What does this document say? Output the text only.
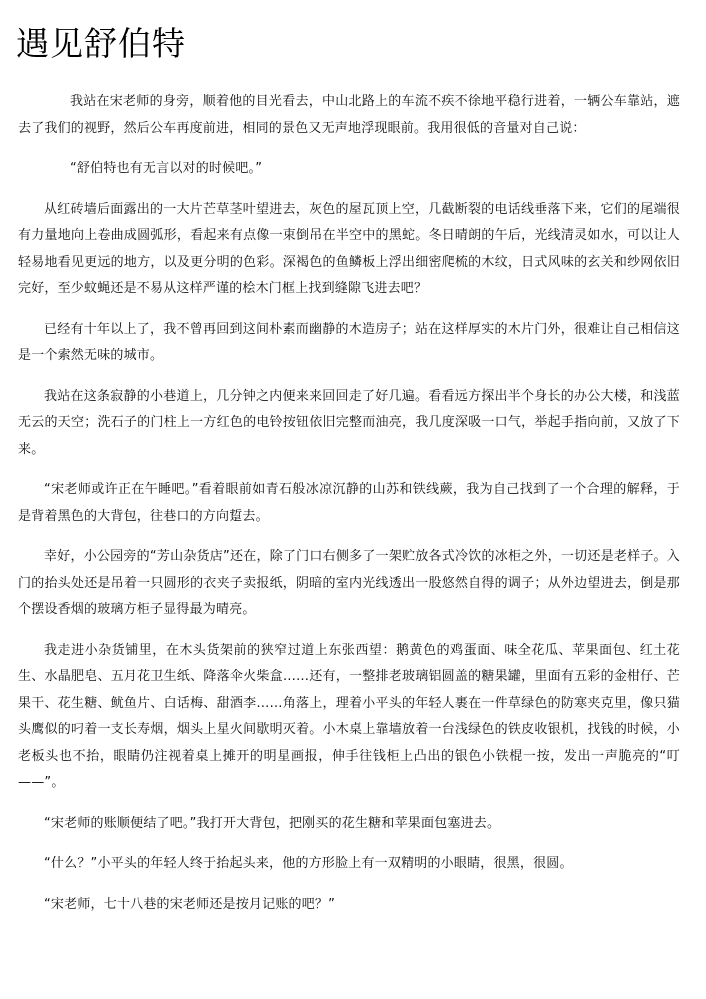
遇见舒伯特

我站在宋老师的身旁，顺着他的目光看去，中山北路上的车流不疾不徐地平稳行进着，一辆公车靠站，遮去了我们的视野，然后公车再度前进，相同的景色又无声地浮现眼前。我用很低的音量对自己说：

“舒伯特也有无言以对的时候吧。”

从红砖墙后面露出的一大片芒草茎叶望进去，灰色的屋瓦顶上空，几截断裂的电话线垂落下来，它们的尾端很有力量地向上卷曲成圆弧形，看起来有点像一束倒吊在半空中的黑蛇。冬日晴朗的午后，光线清灵如水，可以让人轻易地看见更远的地方，以及更分明的色彩。深褐色的鱼鳞板上浮出细密爬梳的木纹，日式风味的玄关和纱网依旧完好，至少蚊蝇还是不易从这样严谨的桧木门框上找到缝隙飞进去吧？

已经有十年以上了，我不曾再回到这间朴素而幽静的木造房子；站在这样厚实的木片门外，很难让自己相信这是一个索然无味的城市。

我站在这条寂静的小巷道上，几分钟之内便来来回回走了好几遍。看看远方探出半个身长的办公大楼，和浅蓝无云的天空；洗石子的门柱上一方红色的电铃按钮依旧完整而油亮，我几度深吸一口气，举起手指向前，又放了下来。

“宋老师或许正在午睡吧。”看着眼前如青石般冰凉沉静的山苏和铁线蕨，我为自己找到了一个合理的解释，于是背着黑色的大背包，往巷口的方向踅去。

幸好，小公园旁的“芳山杂货店”还在，除了门口右侧多了一架贮放各式冷饮的冰柜之外，一切还是老样子。入门的抬头处还是吊着一只圆形的衣夹子卖报纸，阴暗的室内光线透出一股悠然自得的调子；从外边望进去，倒是那个摆设香烟的玻璃方柜子显得最为晴亮。

我走进小杂货铺里，在木头货架前的狭窄过道上东张西望：鹅黄色的鸡蛋面、味全花瓜、苹果面包、红土花生、水晶肥皂、五月花卫生纸、降落伞火柴盒……还有，一整排老玻璃铝圆盖的糖果罐，里面有五彩的金柑仔、芒果干、花生糖、鱿鱼片、白话梅、甜酒李……角落上，理着小平头的年轻人裹在一件草绿色的防寒夹克里，像只猫头鹰似的叼着一支长寿烟，烟头上星火间歇明灭着。小木桌上靠墙放着一台浅绿色的铁皮收银机，找钱的时候，小老板头也不抬，眼睛仍注视着桌上摊开的明星画报，伸手往钱柜上凸出的银色小铁棍一按，发出一声脆亮的“叮——”。

“宋老师的账顺便结了吧。”我打开大背包，把刚买的花生糖和苹果面包塞进去。

“什么？”小平头的年轻人终于抬起头来，他的方形脸上有一双精明的小眼睛，很黑，很圆。

“宋老师，七十八巷的宋老师还是按月记账的吧？”
